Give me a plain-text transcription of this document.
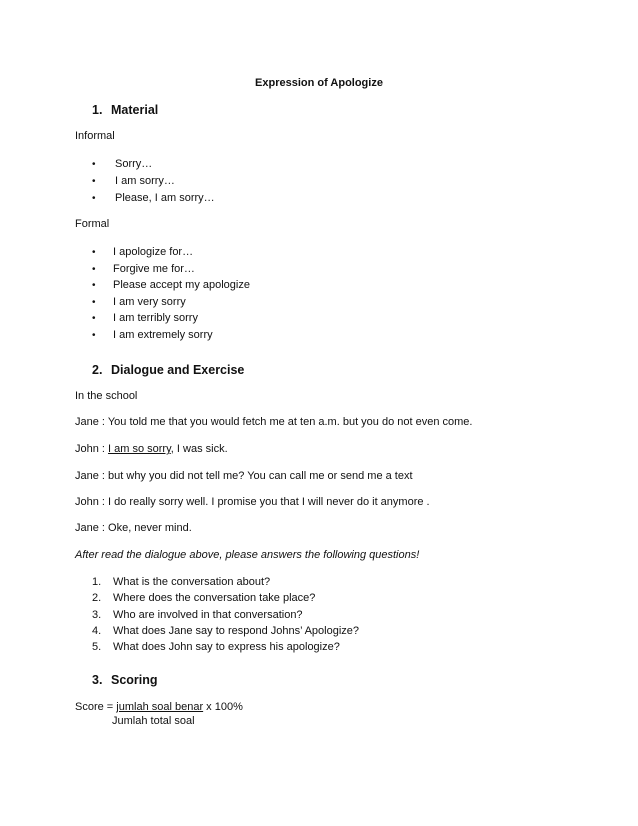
Expression of Apologize
1. Material
Informal
• Sorry…
• I am sorry…
• Please, I am sorry…
Formal
• I apologize for…
• Forgive me for…
• Please accept my apologize
• I am very sorry
• I am terribly sorry
• I am extremely sorry
2. Dialogue and Exercise
In the school
Jane : You told me that you would fetch me at ten a.m. but you do not even come.
John : I am so sorry, I was sick.
Jane : but why you did not tell me? You can call me or send me a text
John : I do really sorry well. I promise you that I will never do it anymore .
Jane : Oke, never mind.
After read the dialogue above, please answers the following questions!
1. What is the conversation about?
2. Where does the conversation take place?
3. Who are involved in that conversation?
4. What does Jane say to respond Johns’ Apologize?
5. What does John say to express his apologize?
3. Scoring
Score = jumlah soal benar x 100%
Jumlah total soal
